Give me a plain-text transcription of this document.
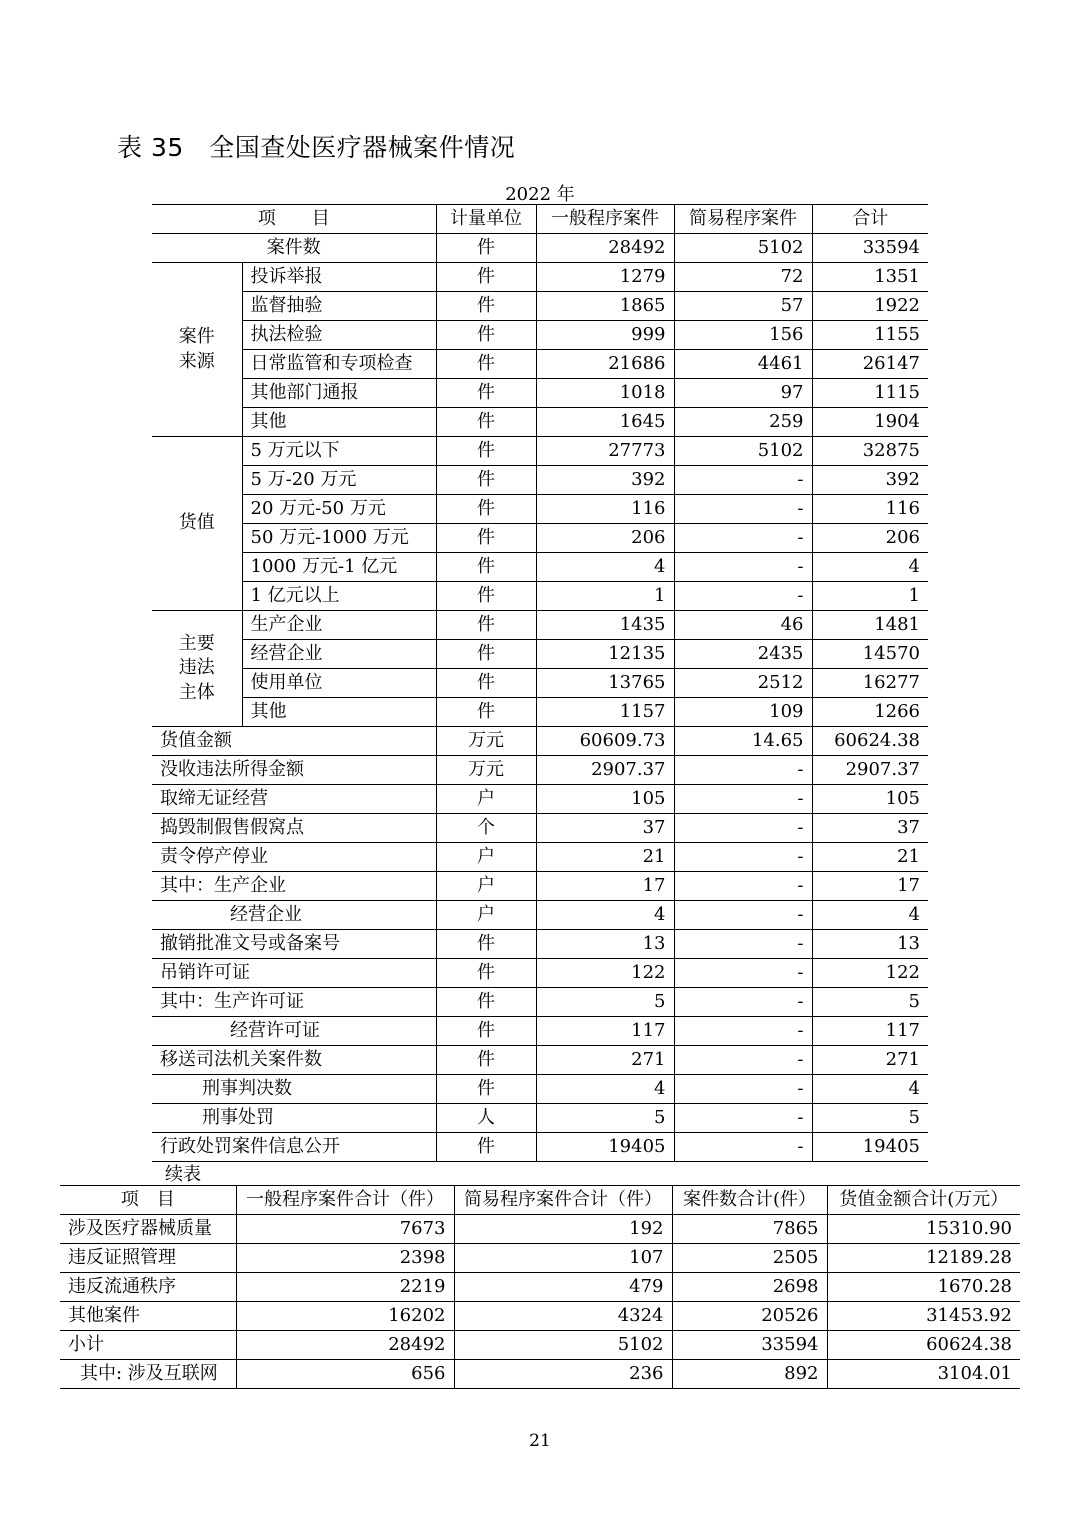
表 35　全国查处医疗器械案件情况
2022 年
项　　目		计量单位	一般程序案件	简易程序案件	合计
案件数		件	28492	5102	33594
案件
来源	投诉举报	件	1279	72	1351
	监督抽验	件	1865	57	1922
	执法检验	件	999	156	1155
	日常监管和专项检查	件	21686	4461	26147
	其他部门通报	件	1018	97	1115
	其他	件	1645	259	1904
货值	5 万元以下	件	27773	5102	32875
	5 万-20 万元	件	392	-	392
	20 万元-50 万元	件	116	-	116
	50 万元-1000 万元	件	206	-	206
	1000 万元-1 亿元	件	4	-	4
	1 亿元以上	件	1	-	1
主要
违法
主体	生产企业	件	1435	46	1481
	经营企业	件	12135	2435	14570
	使用单位	件	13765	2512	16277
	其他	件	1157	109	1266
货值金额		万元	60609.73	14.65	60624.38
没收违法所得金额		万元	2907.37	-	2907.37
取缔无证经营		户	105	-	105
捣毁制假售假窝点		个	37	-	37
责令停产停业		户	21	-	21
其中：生产企业		户	17	-	17
经营企业		户	4	-	4
撤销批准文号或备案号		件	13	-	13
吊销许可证		件	122	-	122
其中：生产许可证		件	5	-	5
经营许可证		件	117	-	117
移送司法机关案件数		件	271	-	271
刑事判决数		件	4	-	4
刑事处罚		人	5	-	5
行政处罚案件信息公开		件	19405	-	19405
续表
项　目	一般程序案件合计（件）	简易程序案件合计（件）	案件数合计(件）	货值金额合计(万元）
涉及医疗器械质量	7673	192	7865	15310.90
违反证照管理	2398	107	2505	12189.28
违反流通秩序	2219	479	2698	1670.28
其他案件	16202	4324	20526	31453.92
小计	28492	5102	33594	60624.38
其中: 涉及互联网	656	236	892	3104.01
21
